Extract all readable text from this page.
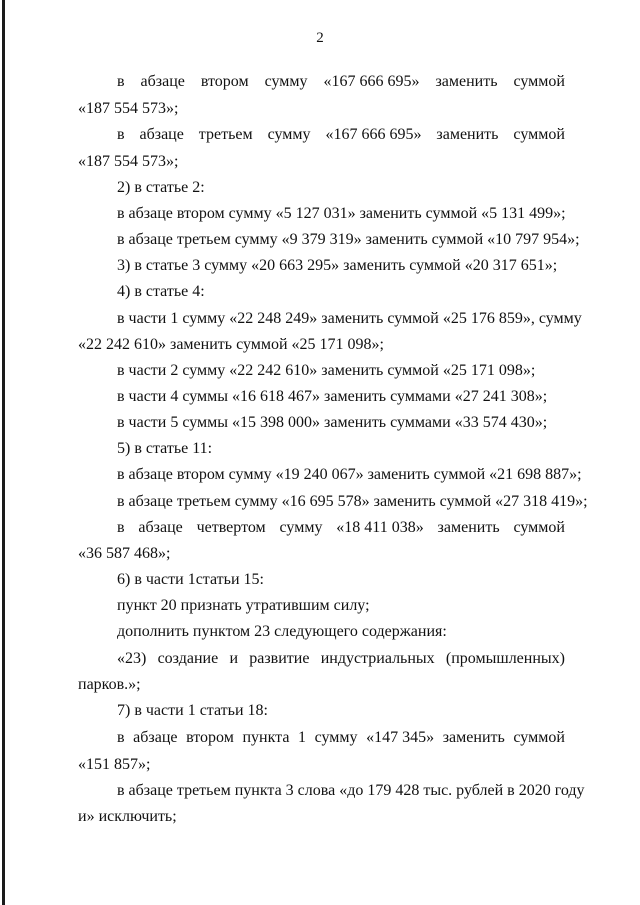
2
в абзаце втором сумму «167 666 695» заменить суммой
«187 554 573»;
в абзаце третьем сумму «167 666 695» заменить суммой
«187 554 573»;
2) в статье 2:
в абзаце втором сумму «5 127 031» заменить суммой «5 131 499»;
в абзаце третьем сумму «9 379 319» заменить суммой «10 797 954»;
3) в статье 3 сумму «20 663 295» заменить суммой «20 317 651»;
4) в статье 4:
в части 1 сумму «22 248 249» заменить суммой «25 176 859», сумму
«22 242 610» заменить суммой «25 171 098»;
в части 2 сумму «22 242 610» заменить суммой «25 171 098»;
в части 4 суммы «16 618 467» заменить суммами «27 241 308»;
в части 5 суммы «15 398 000» заменить суммами «33 574 430»;
5) в статье 11:
в абзаце втором сумму «19 240 067» заменить суммой «21 698 887»;
в абзаце третьем сумму «16 695 578» заменить суммой «27 318 419»;
в абзаце четвертом сумму «18 411 038» заменить суммой
«36 587 468»;
6) в части 1статьи 15:
пункт 20 признать утратившим силу;
дополнить пунктом 23 следующего содержания:
«23) создание и развитие индустриальных (промышленных)
парков.»;
7) в части 1 статьи 18:
в абзаце втором пункта 1 сумму «147 345» заменить суммой
«151 857»;
в абзаце третьем пункта 3 слова «до 179 428 тыс. рублей в 2020 году
и» исключить;
